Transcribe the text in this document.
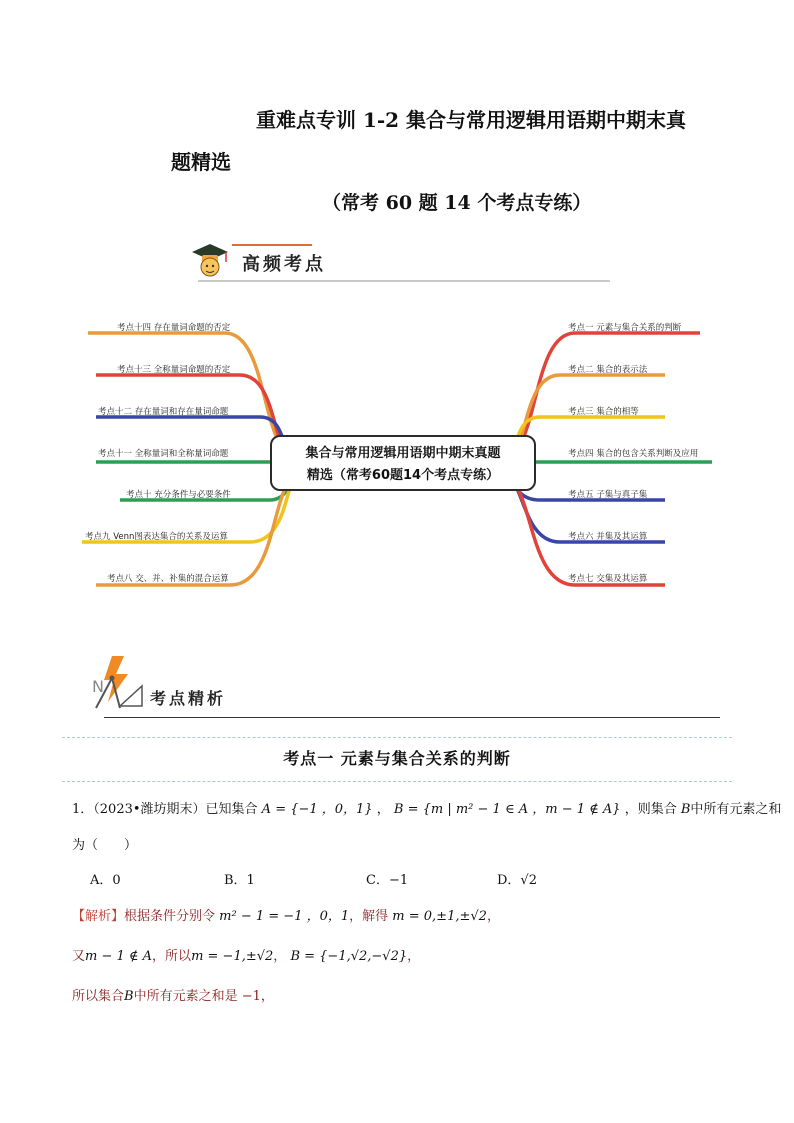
重难点专训 1-2 集合与常用逻辑用语期中期末真
题精选
（常考 60 题 14 个考点专练）
高频考点
考点十四 存在量词命题的否定
考点十三 全称量词命题的否定
考点十二 存在量词和存在量词命题
考点十一 全称量词和全称量词命题
考点十 充分条件与必要条件
考点九 Venn图表达集合的关系及运算
考点八 交、并、补集的混合运算
考点一 元素与集合关系的判断
考点二 集合的表示法
考点三 集合的相等
考点四 集合的包含关系判断及应用
考点五 子集与真子集
考点六 并集及其运算
考点七 交集及其运算
集合与常用逻辑用语期中期末真题
精选（常考60题14个考点专练）
N
考点精析
考点一 元素与集合关系的判断
1．（2023•潍坊期末）已知集合 A = {−1 ，0，1} ， B = {m | m² − 1 ∈ A ，m − 1 ∉ A} ，则集合 B中所有元素之和
为（　　）
A．0	B．1	C．−1	D．√2
【解析】根据条件分别令 m² − 1 = −1 ，0，1，解得 m = 0,±1,±√2，
又m − 1 ∉ A，所以m = −1,±√2， B = {−1,√2,−√2}，
所以集合B中所有元素之和是 −1，
